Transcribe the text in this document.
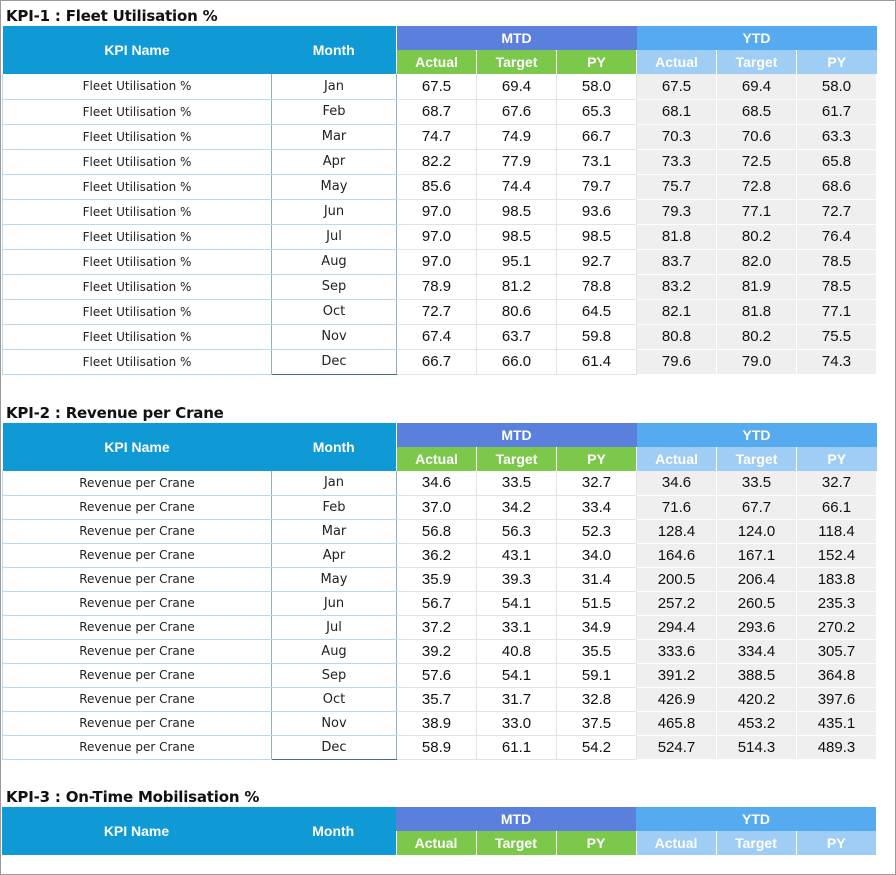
KPI-1 : Fleet Utilisation %
KPI Name	Month	MTD			YTD		
		Actual	Target	PY	Actual	Target	PY
Fleet Utilisation %	Jan	67.5	69.4	58.0	67.5	69.4	58.0
Fleet Utilisation %	Feb	68.7	67.6	65.3	68.1	68.5	61.7
Fleet Utilisation %	Mar	74.7	74.9	66.7	70.3	70.6	63.3
Fleet Utilisation %	Apr	82.2	77.9	73.1	73.3	72.5	65.8
Fleet Utilisation %	May	85.6	74.4	79.7	75.7	72.8	68.6
Fleet Utilisation %	Jun	97.0	98.5	93.6	79.3	77.1	72.7
Fleet Utilisation %	Jul	97.0	98.5	98.5	81.8	80.2	76.4
Fleet Utilisation %	Aug	97.0	95.1	92.7	83.7	82.0	78.5
Fleet Utilisation %	Sep	78.9	81.2	78.8	83.2	81.9	78.5
Fleet Utilisation %	Oct	72.7	80.6	64.5	82.1	81.8	77.1
Fleet Utilisation %	Nov	67.4	63.7	59.8	80.8	80.2	75.5
Fleet Utilisation %	Dec	66.7	66.0	61.4	79.6	79.0	74.3
KPI-2 : Revenue per Crane
KPI Name	Month	MTD			YTD		
		Actual	Target	PY	Actual	Target	PY
Revenue per Crane	Jan	34.6	33.5	32.7	34.6	33.5	32.7
Revenue per Crane	Feb	37.0	34.2	33.4	71.6	67.7	66.1
Revenue per Crane	Mar	56.8	56.3	52.3	128.4	124.0	118.4
Revenue per Crane	Apr	36.2	43.1	34.0	164.6	167.1	152.4
Revenue per Crane	May	35.9	39.3	31.4	200.5	206.4	183.8
Revenue per Crane	Jun	56.7	54.1	51.5	257.2	260.5	235.3
Revenue per Crane	Jul	37.2	33.1	34.9	294.4	293.6	270.2
Revenue per Crane	Aug	39.2	40.8	35.5	333.6	334.4	305.7
Revenue per Crane	Sep	57.6	54.1	59.1	391.2	388.5	364.8
Revenue per Crane	Oct	35.7	31.7	32.8	426.9	420.2	397.6
Revenue per Crane	Nov	38.9	33.0	37.5	465.8	453.2	435.1
Revenue per Crane	Dec	58.9	61.1	54.2	524.7	514.3	489.3
KPI-3 : On-Time Mobilisation %
KPI Name	Month	MTD			YTD		
		Actual	Target	PY	Actual	Target	PY
